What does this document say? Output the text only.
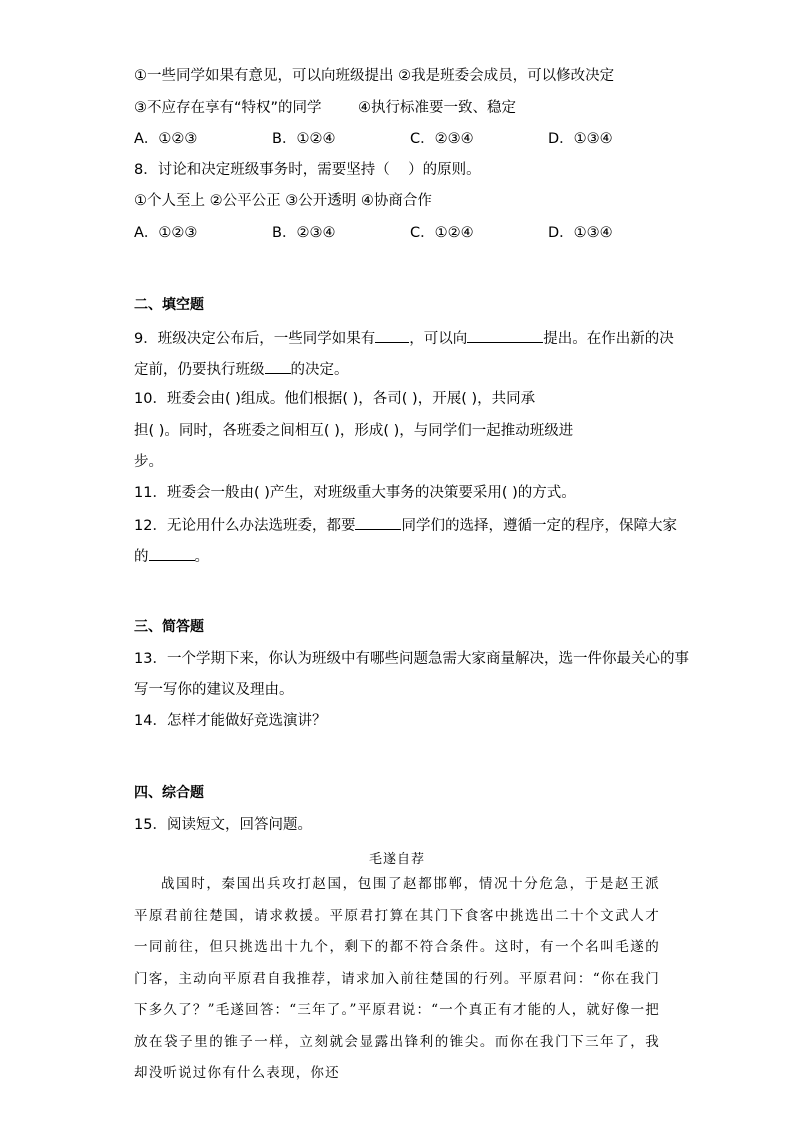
①一些同学如果有意见，可以向班级提出 ②我是班委会成员，可以修改决定
③不应存在享有“特权”的同学	④执行标准要一致、稳定
A．①②③	B．①②④	C．②③④	D．①③④
8．讨论和决定班级事务时，需要坚持（ ）的原则。
①个人至上 ②公平公正 ③公开透明 ④协商合作
A．①②③	B．②③④	C．①②④	D．①③④
二、填空题
9．班级决定公布后，一些同学如果有 ，可以向	提出。在作出新的决
定前，仍要执行班级 的决定。
10．班委会由( )组成。他们根据( )，各司( )，开展( )，共同承
担( )。同时，各班委之间相互( )，形成( )，与同学们一起推动班级进
步。
11．班委会一般由( )产生，对班级重大事务的决策要采用( )的方式。
12．无论用什么办法选班委，都要	同学们的选择，遵循一定的程序，保障大家
的	。
三、简答题
13．一个学期下来，你认为班级中有哪些问题急需大家商量解决，选一件你最关心的事
写一写你的建议及理由。
14．怎样才能做好竞选演讲？
四、综合题
15．阅读短文，回答问题。
毛遂自荐

战国时，秦国出兵攻打赵国，包围了赵都邯郸，情况十分危急，于是赵王派平原君前往楚国，请求救援。平原君打算在其门下食客中挑选出二十个文武人才一同前往，但只挑选出十九个，剩下的都不符合条件。这时，有一个名叫毛遂的门客，主动向平原君自我推荐，请求加入前往楚国的行列。平原君问：“你在我门下多久了？”毛遂回答：“三年了。”平原君说：“一个真正有才能的人，就好像一把放在袋子里的锥子一样，立刻就会显露出锋利的锥尖。而你在我门下三年了，我却没听说过你有什么表现，你还
